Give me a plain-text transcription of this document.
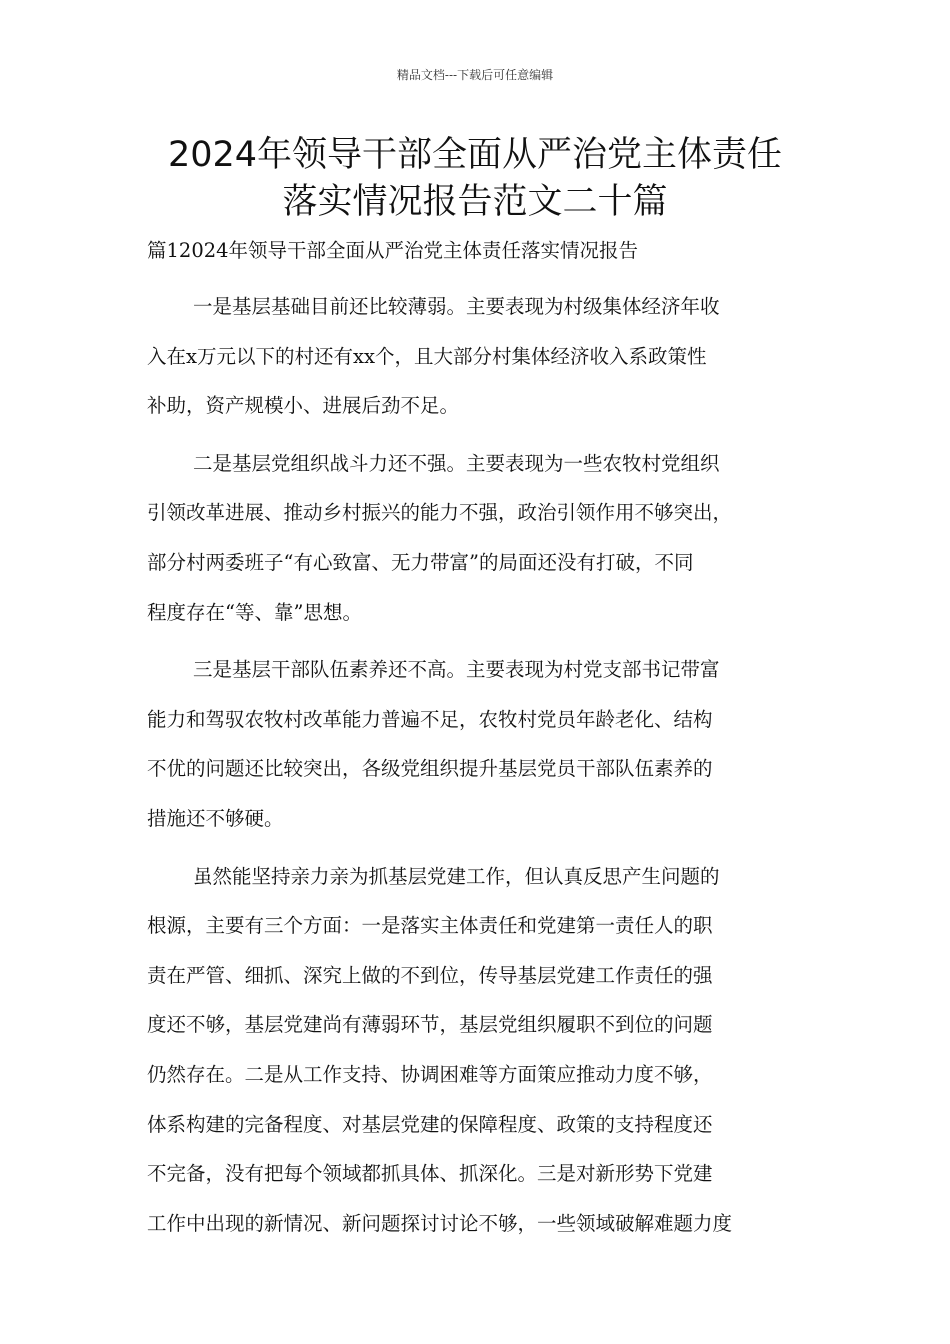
精品文档---下载后可任意编辑
2024年领导干部全面从严治党主体责任
落实情况报告范文二十篇
篇12024年领导干部全面从严治党主体责任落实情况报告
一是基层基础目前还比较薄弱。主要表现为村级集体经济年收
入在x万元以下的村还有xx个，且大部分村集体经济收入系政策性
补助，资产规模小、进展后劲不足。
二是基层党组织战斗力还不强。主要表现为一些农牧村党组织
引领改革进展、推动乡村振兴的能力不强，政治引领作用不够突出，
部分村两委班子“有心致富、无力带富”的局面还没有打破，不同
程度存在“等、靠”思想。
三是基层干部队伍素养还不高。主要表现为村党支部书记带富
能力和驾驭农牧村改革能力普遍不足，农牧村党员年龄老化、结构
不优的问题还比较突出，各级党组织提升基层党员干部队伍素养的
措施还不够硬。
虽然能坚持亲力亲为抓基层党建工作，但认真反思产生问题的
根源，主要有三个方面：一是落实主体责任和党建第一责任人的职
责在严管、细抓、深究上做的不到位，传导基层党建工作责任的强
度还不够，基层党建尚有薄弱环节，基层党组织履职不到位的问题
仍然存在。二是从工作支持、协调困难等方面策应推动力度不够，
体系构建的完备程度、对基层党建的保障程度、政策的支持程度还
不完备，没有把每个领域都抓具体、抓深化。三是对新形势下党建
工作中出现的新情况、新问题探讨讨论不够，一些领域破解难题力度
